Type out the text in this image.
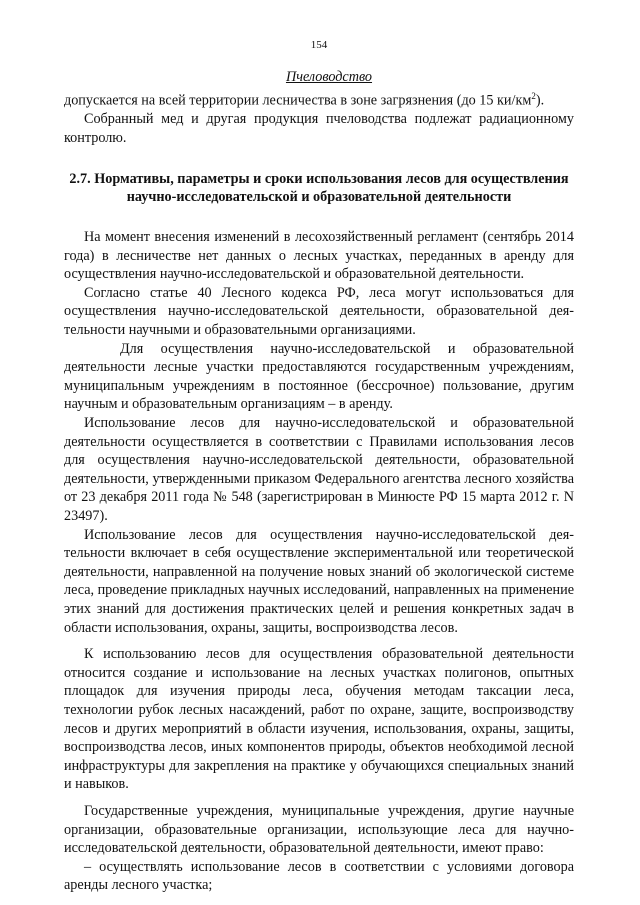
154

Пчеловодство

допускается на всей территории лесничества в зоне загрязнения (до 15 $ки/км^2$).

Собранный мед и другая продукция пчеловодства подлежат радиационному контролю.

2.7. Нормативы, параметры и сроки использования лесов для осуществления научно-исследовательской и образовательной деятельности

На момент внесения изменений в лесохозяйственный регламент (сентябрь 2014 года) в лесничестве нет данных о лесных участках, переданных в аренду для осуществления научно-исследовательской и образовательной деятельности.

Согласно статье 40 Лесного кодекса РФ, леса могут использоваться для осуществления научно-исследовательской деятельности, образовательной деятельности научными и образовательными организациями.

Для осуществления научно-исследовательской и образовательной деятельности лесные участки предоставляются государственным учреждениям, муниципальным учреждениям в постоянное (бессрочное) пользование, другим научным и образовательным организациям – в аренду.

Использование лесов для научно-исследовательской и образовательной деятельности осуществляется в соответствии с Правилами использования лесов для осуществления научно-исследовательской деятельности, образовательной деятельности, утвержденными приказом Федерального агентства лесного хозяйства от 23 декабря 2011 года № 548 (зарегистрирован в Минюсте РФ 15 марта 2012 г. N 23497).

Использование лесов для осуществления научно-исследовательской деятельности включает в себя осуществление экспериментальной или теоретической деятельности, направленной на получение новых знаний об экологической системе леса, проведение прикладных научных исследований, направленных на применение этих знаний для достижения практических целей и решения конкретных задач в области использования, охраны, защиты, воспроизводства лесов.

К использованию лесов для осуществления образовательной деятельности относится создание и использование на лесных участках полигонов, опытных площадок для изучения природы леса, обучения методам таксации леса, технологии рубок лесных насаждений, работ по охране, защите, воспроизводству лесов и других мероприятий в области изучения, использования, охраны, защиты, воспроизводства лесов, иных компонентов природы, объектов необходимой лесной инфраструктуры для закрепления на практике у обучающихся специальных знаний и навыков.

Государственные учреждения, муниципальные учреждения, другие научные организации, образовательные организации, использующие леса для научно-исследовательской деятельности, образовательной деятельности, имеют право:

– осуществлять использование лесов в соответствии с условиями договора аренды лесного участка;
